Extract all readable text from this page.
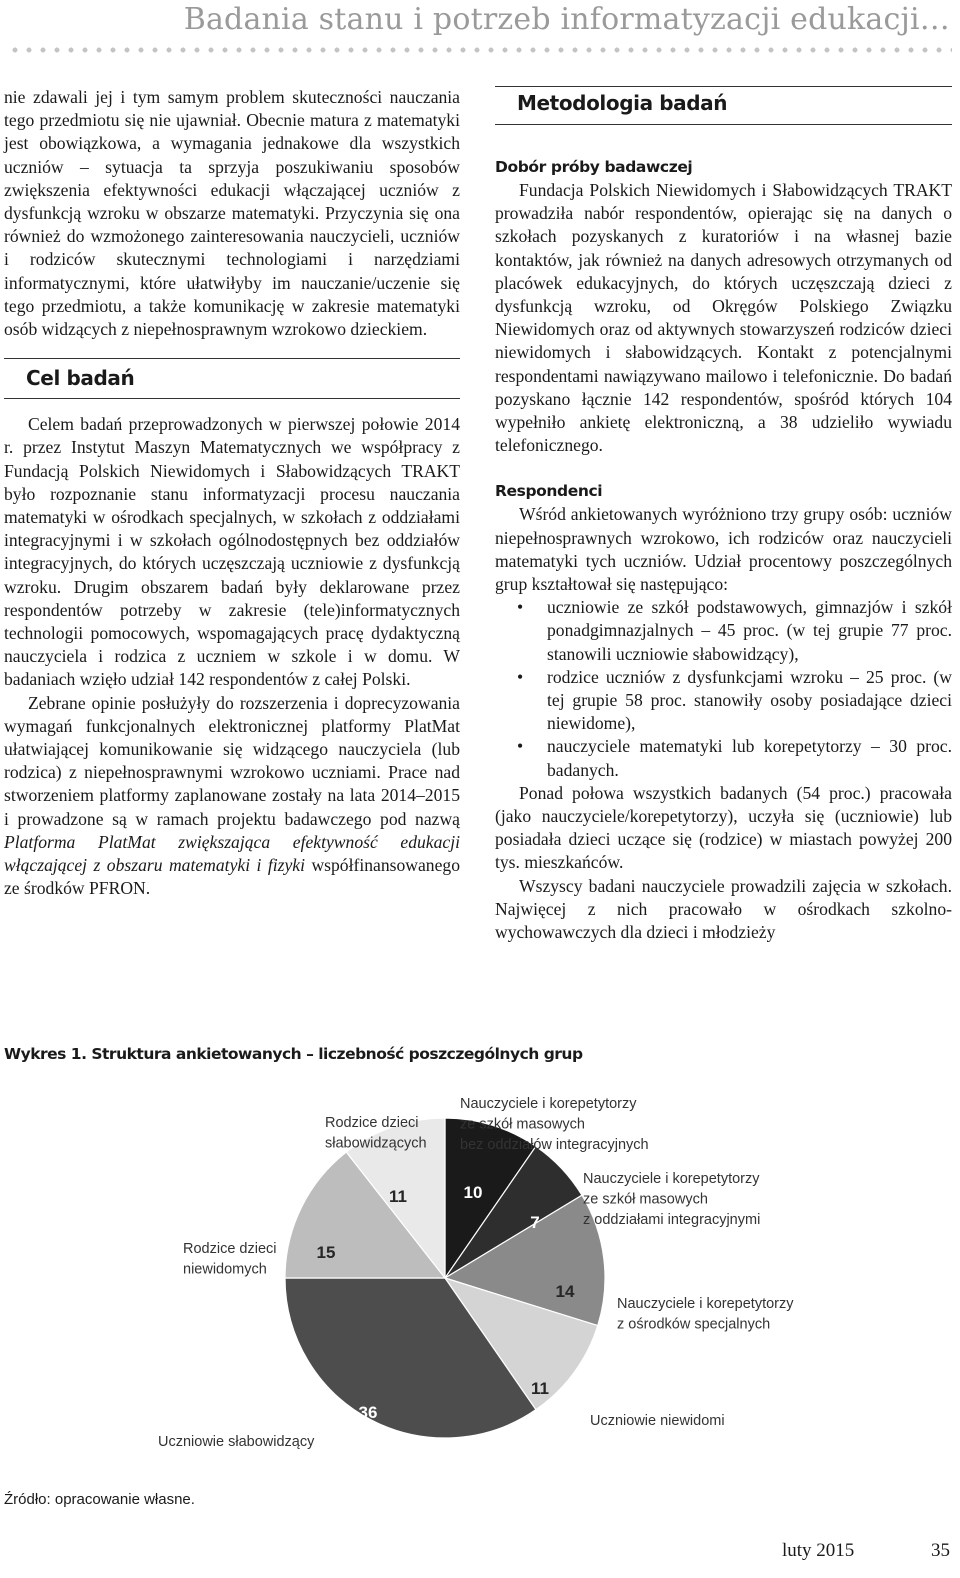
Badania stanu i potrzeb informatyzacji edukacji…

nie zdawali jej i tym samym problem skuteczności nauczania tego przedmiotu się nie ujawniał. Obecnie matura z matematyki jest obowiązkowa, a wymagania jednakowe dla wszystkich uczniów – sytuacja ta sprzyja poszukiwaniu sposobów zwiększenia efektywności edukacji włączającej uczniów z dysfunkcją wzroku w obszarze matematyki. Przyczynia się ona również do wzmożonego zainteresowania nauczycieli, uczniów i rodziców skutecznymi technologiami i narzędziami informatycznymi, które ułatwiłyby im nauczanie/uczenie się tego przedmiotu, a także komunikację w zakresie matematyki osób widzących z niepełnosprawnym wzrokowo dzieckiem.

Cel badań

Celem badań przeprowadzonych w pierwszej połowie 2014 r. przez Instytut Maszyn Matematycznych we współpracy z Fundacją Polskich Niewidomych i Słabowidzących TRAKT było rozpoznanie stanu informatyzacji procesu nauczania matematyki w ośrodkach specjalnych, w szkołach z oddziałami integracyjnymi i w szkołach ogólnodostępnych bez oddziałów integracyjnych, do których uczęszczają uczniowie z dysfunkcją wzroku. Drugim obszarem badań były deklarowane przez respondentów potrzeby w zakresie (tele)informatycznych technologii pomocowych, wspomagających pracę dydaktyczną nauczyciela i rodzica z uczniem w szkole i w domu. W badaniach wzięło udział 142 respondentów z całej Polski.

Zebrane opinie posłużyły do rozszerzenia i doprecyzowania wymagań funkcjonalnych elektronicznej platformy PlatMat ułatwiającej komunikowanie się widzącego nauczyciela (lub rodzica) z niepełnosprawnymi wzrokowo uczniami. Prace nad stworzeniem platformy zaplanowane zostały na lata 2014–2015 i prowadzone są w ramach projektu badawczego pod nazwą Platforma PlatMat zwiększająca efektywność edukacji włączającej z obszaru matematyki i fizyki współfinansowanego ze środków PFRON.

Metodologia badań
Dobór próby badawczej

Fundacja Polskich Niewidomych i Słabowidzących TRAKT prowadziła nabór respondentów, opierając się na danych o szkołach pozyskanych z kuratoriów i na własnej bazie kontaktów, jak również na danych adresowych otrzymanych od placówek edukacyjnych, do których uczęszczają dzieci z dysfunkcją wzroku, od Okręgów Polskiego Związku Niewidomych oraz od aktywnych stowarzyszeń rodziców dzieci niewidomych i słabowidzących. Kontakt z potencjalnymi respondentami nawiązywano mailowo i telefonicznie. Do badań pozyskano łącznie 142 respondentów, spośród których 104 wypełniło ankietę elektroniczną, a 38 udzieliło wywiadu telefonicznego.

Respondenci

Wśród ankietowanych wyróżniono trzy grupy osób: uczniów niepełnosprawnych wzrokowo, ich rodziców oraz nauczycieli matematyki tych uczniów. Udział procentowy poszczególnych grup kształtował się następująco:

• uczniowie ze szkół podstawowych, gimnazjów i szkół ponadgimnazjalnych – 45 proc. (w tej grupie 77 proc. stanowili uczniowie słabowidzący),
• rodzice uczniów z dysfunkcjami wzroku – 25 proc. (w tej grupie 58 proc. stanowiły osoby posiadające dzieci niewidome),
• nauczyciele matematyki lub korepetytorzy – 30 proc. badanych.

Ponad połowa wszystkich badanych (54 proc.) pracowała (jako nauczyciele/korepetytorzy), uczyła się (uczniowie) lub posiadała dzieci uczące się (rodzice) w miastach powyżej 200 tys. mieszkańców.

Wszyscy badani nauczyciele prowadzili zajęcia w szkołach. Najwięcej z nich pracowało w ośrodkach szkolno-wychowawczych dla dzieci i młodzieży

Wykres 1. Struktura ankietowanych – liczebność poszczególnych grup
10
Nauczyciele i korepetytorzy ze szkół masowych bez oddziałów integracyjnych
7
Nauczyciele i korepetytorzy ze szkół masowych z oddziałami integracyjnymi
14
Nauczyciele i korepetytorzy z ośrodków specjalnych
11
Uczniowie niewidomi
36
Uczniowie słabowidzący
15
Rodzice dzieci niewidomych
11
Rodzice dzieci słabowidzących
Źródło: opracowanie własne.
luty 2015	35
